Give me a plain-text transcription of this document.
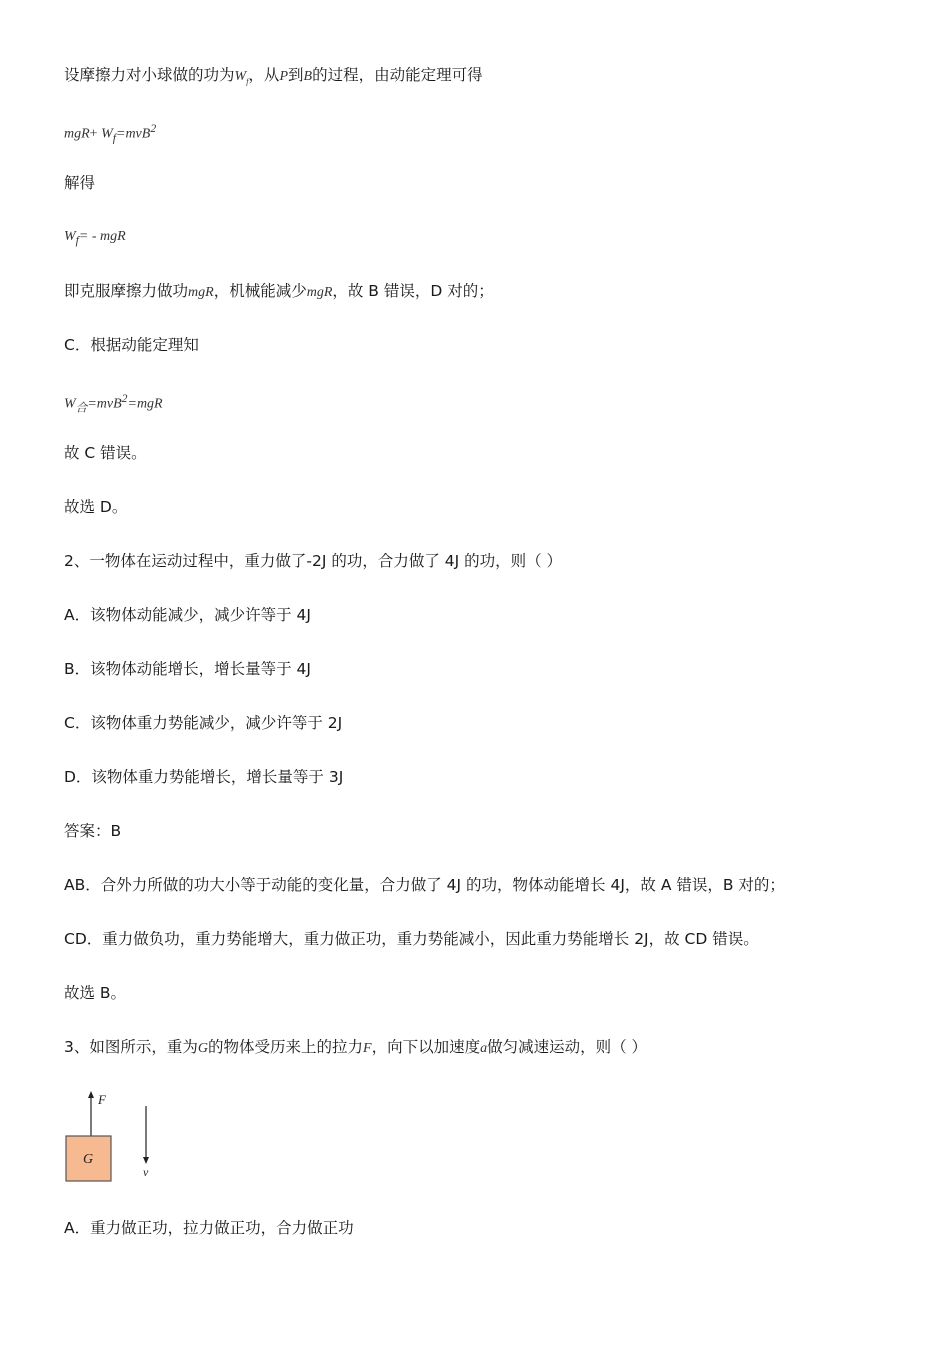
设摩擦力对小球做的功为$W_f$，从P到B的过程，由动能定理可得
$mgR+ W_f=mvB^2$
解得
$W_f=$ - mgR
即克服摩擦力做功mgR，机械能减少mgR，故 B 错误，D 对的；
C．根据动能定理知
$W_合=mvB^2=mgR$
故 C 错误。
故选 D。
2、一物体在运动过程中，重力做了-2J 的功，合力做了 4J 的功，则（ ）
A．该物体动能减少，减少许等于 4J
B．该物体动能增长，增长量等于 4J
C．该物体重力势能减少，减少许等于 2J
D．该物体重力势能增长，增长量等于 3J
答案：B
AB．合外力所做的功大小等于动能的变化量，合力做了 4J 的功，物体动能增长 4J，故 A 错误，B 对的；
CD．重力做负功，重力势能增大，重力做正功，重力势能减小，因此重力势能增长 2J，故 CD 错误。
故选 B。
3、如图所示，重为G的物体受历来上的拉力F，向下以加速度a做匀减速运动，则（ ）
F
G
v
A．重力做正功，拉力做正功，合力做正功
